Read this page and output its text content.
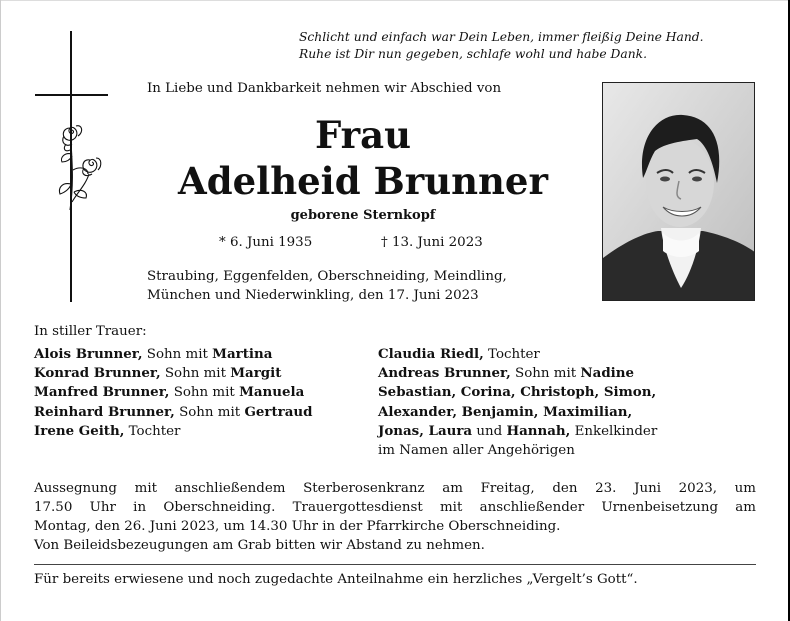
Schlicht und einfach war Dein Leben, immer fleißig Deine Hand.
Ruhe ist Dir nun gegeben, schlafe wohl und habe Dank.
In Liebe und Dankbarkeit nehmen wir Abschied von
Frau
Adelheid Brunner
geborene Sternkopf
* 6. Juni 1935	† 13. Juni 2023
Straubing, Eggenfelden, Oberschneiding, Meindling,
München und Niederwinkling, den 17. Juni 2023
In stiller Trauer:
Alois Brunner, Sohn mit Martina
Konrad Brunner, Sohn mit Margit
Manfred Brunner, Sohn mit Manuela
Reinhard Brunner, Sohn mit Gertraud
Irene Geith, Tochter
Claudia Riedl, Tochter
Andreas Brunner, Sohn mit Nadine
Sebastian, Corina, Christoph, Simon,
Alexander, Benjamin, Maximilian,
Jonas, Laura und Hannah, Enkelkinder
im Namen aller Angehörigen
Aussegnung mit anschließendem Sterberosenkranz am Freitag, den 23. Juni 2023, um
17.50 Uhr in Oberschneiding. Trauergottesdienst mit anschließender Urnenbeisetzung am
Montag, den 26. Juni 2023, um 14.30 Uhr in der Pfarrkirche Oberschneiding.
Von Beileidsbezeugungen am Grab bitten wir Abstand zu nehmen.
Für bereits erwiesene und noch zugedachte Anteilnahme ein herzliches „Vergelt’s Gott“.
